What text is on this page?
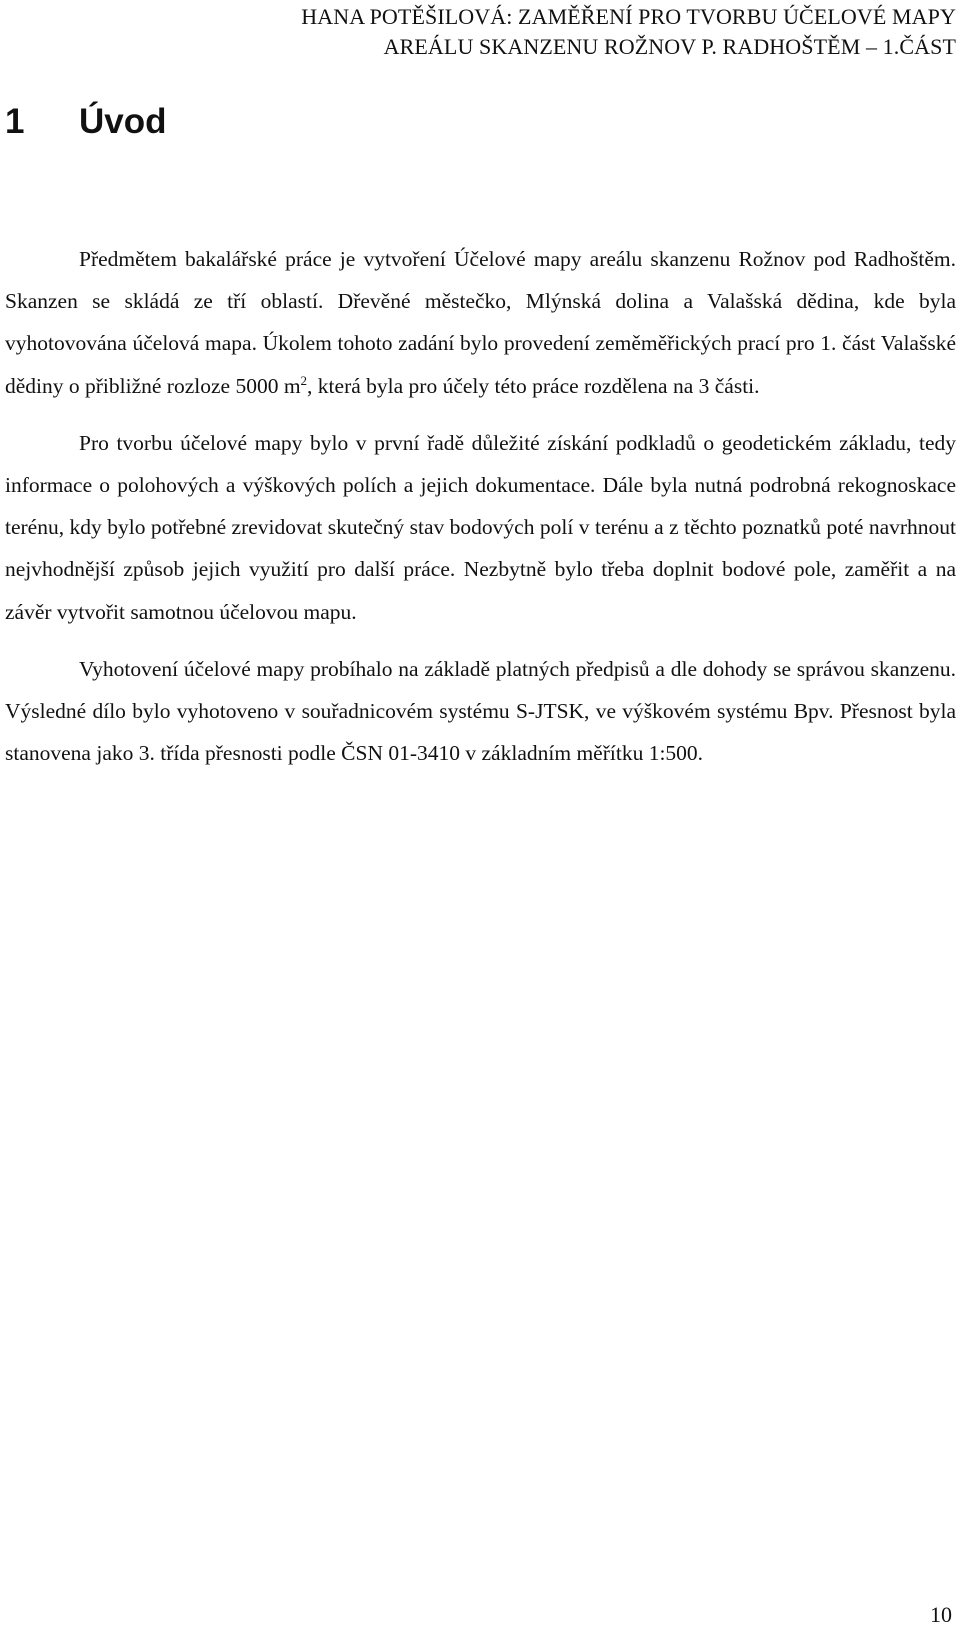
HANA POTĚŠILOVÁ: ZAMĚŘENÍ PRO TVORBU ÚČELOVÉ MAPY
AREÁLU SKANZENU ROŽNOV P. RADHOŠTĚM – 1.ČÁST
1	Úvod

Předmětem bakalářské práce je vytvoření Účelové mapy areálu skanzenu Rožnov pod Radhoštěm. Skanzen se skládá ze tří oblastí. Dřevěné městečko, Mlýnská dolina a Valašská dědina, kde byla vyhotovována účelová mapa. Úkolem tohoto zadání bylo provedení zeměměřických prací pro 1. část Valašské dědiny o přibližné rozloze 5000 $m^2$, která byla pro účely této práce rozdělena na 3 části.

Pro tvorbu účelové mapy bylo v první řadě důležité získání podkladů o geodetickém základu, tedy informace o polohových a výškových polích a jejich dokumentace. Dále byla nutná podrobná rekognoskace terénu, kdy bylo potřebné zrevidovat skutečný stav bodových polí v terénu a z těchto poznatků poté navrhnout nejvhodnější způsob jejich využití pro další práce. Nezbytně bylo třeba doplnit bodové pole, zaměřit a na závěr vytvořit samotnou účelovou mapu.

Vyhotovení účelové mapy probíhalo na základě platných předpisů a dle dohody se správou skanzenu. Výsledné dílo bylo vyhotoveno v souřadnicovém systému S-JTSK, ve výškovém systému Bpv. Přesnost byla stanovena jako 3. třída přesnosti podle ČSN 01-3410 v základním měřítku 1:500.

10
